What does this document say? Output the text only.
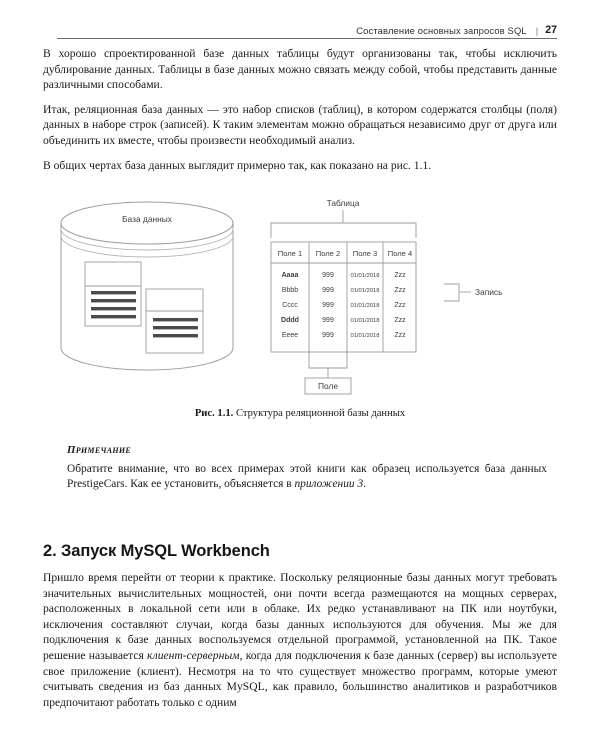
Составление основных запросов SQL | 27

В хорошо спроектированной базе данных таблицы будут организованы так, чтобы исключить дублирование данных. Таблицы в базе данных можно связать между собой, чтобы представить данные различными способами.

Итак, реляционная база данных — это набор списков (таблиц), в котором содержатся столбцы (поля) данных в наборе строк (записей). К таким элементам можно обращаться независимо друг от друга или объединить их вместе, чтобы произвести необходимый анализ.

В общих чертах база данных выглядит примерно так, как показано на рис. 1.1.

База данных
Таблица
Поле 1 Поле 2 Поле 3 Поле 4
Aaaa	999	01/01/2018 Zzz
Bbbb	999	01/01/2018 Zzz
Cccc	999	01/01/2018 Zzz
Dddd	999	01/01/2018 Zzz
Eeee	999	01/01/2018 Zzz
Запись
Поле
Рис. 1.1. Структура реляционной базы данных
Примечание
Обратите внимание, что во всех примерах этой книги как образец используется база данных PrestigeCars. Как ее установить, объясняется в приложении 3.
2. Запуск MySQL Workbench

Пришло время перейти от теории к практике. Поскольку реляционные базы данных могут требовать значительных вычислительных мощностей, они почти всегда размещаются на мощных серверах, расположенных в локальной сети или в облаке. Их редко устанавливают на ПК или ноутбуки, исключения составляют случаи, когда базы данных используются для обучения. Мы же для подключения к базе данных воспользуемся отдельной программой, установленной на ПК. Такое решение называется клиент-серверным, когда для подключения к базе данных (сервер) вы используете свое приложение (клиент). Несмотря на то что существует множество программ, которые умеют считывать сведения из баз данных MySQL, как правило, большинство аналитиков и разработчиков предпочитают работать только с одним
